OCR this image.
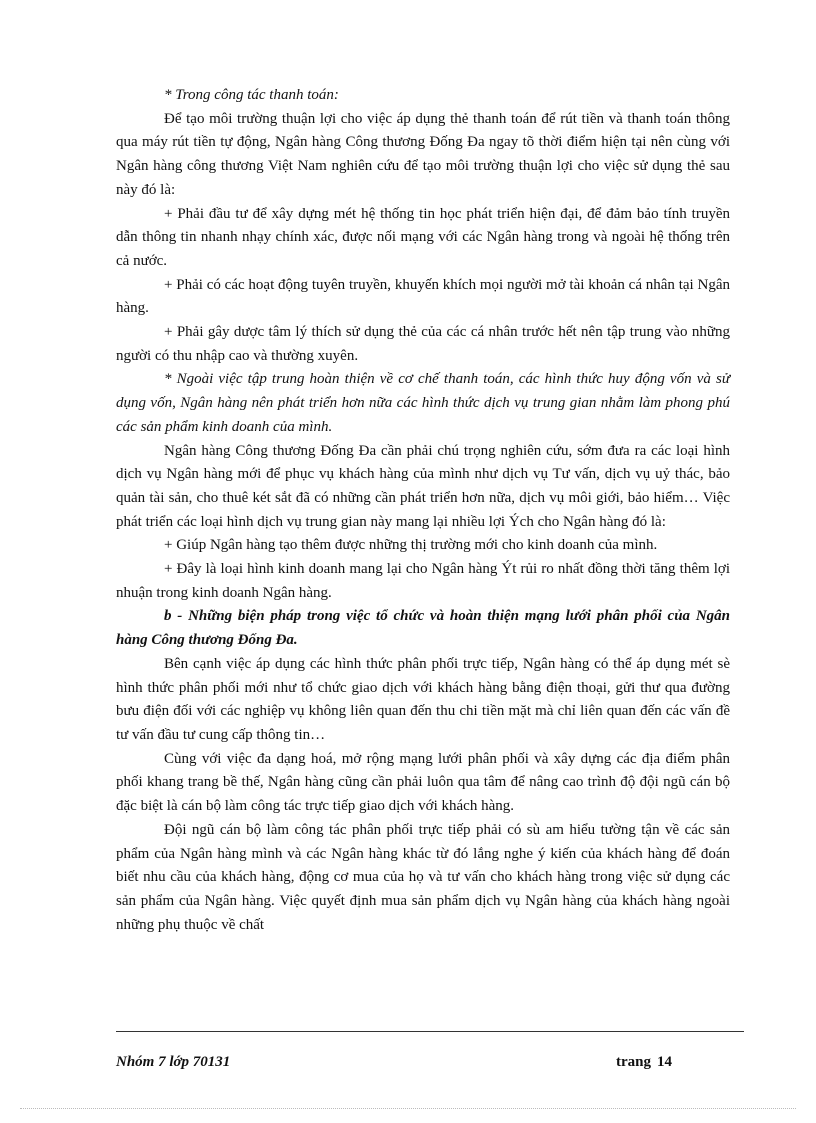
* Trong công tác thanh toán:

Để tạo môi trường thuận lợi cho việc áp dụng thẻ thanh toán để rút tiền và thanh toán thông qua máy rút tiền tự động, Ngân hàng Công thương Đống Đa ngay tõ thời điểm hiện tại nên cùng với Ngân hàng công thương Việt Nam nghiên cứu để tạo môi trường thuận lợi cho việc sử dụng thẻ sau này đó là:

+ Phải đầu tư để xây dựng mét hệ thống tin học phát triển hiện đại, để đảm bảo tính truyền dẫn thông tin nhanh nhạy chính xác, được nối mạng với các Ngân hàng trong và ngoài hệ thống trên cả nước.

+ Phải có các hoạt động tuyên truyền, khuyến khích mọi người mở tài khoản cá nhân tại Ngân hàng.

+ Phải gây dược tâm lý thích sử dụng thẻ của các cá nhân trước hết nên tập trung vào những người có thu nhập cao và thường xuyên.

* Ngoài việc tập trung hoàn thiện về cơ chế thanh toán, các hình thức huy động vốn và sử dụng vốn, Ngân hàng nên phát triển hơn nữa các hình thức dịch vụ trung gian nhằm làm phong phú các sản phẩm kinh doanh của mình.

Ngân hàng Công thương Đống Đa cần phải chú trọng nghiên cứu, sớm đưa ra các loại hình dịch vụ Ngân hàng mới để phục vụ khách hàng của mình như dịch vụ Tư vấn, dịch vụ uỷ thác, bảo quản tài sản, cho thuê két sắt đã có những cần phát triển hơn nữa, dịch vụ môi giới, bảo hiểm… Việc phát triển các loại hình dịch vụ trung gian này mang lại nhiều lợi Ých cho Ngân hàng đó là:

+ Giúp Ngân hàng tạo thêm được những thị trường mới cho kinh doanh của mình.

+ Đây là loại hình kinh doanh mang lại cho Ngân hàng Ýt rủi ro nhất đồng thời tăng thêm lợi nhuận trong kinh doanh Ngân hàng.

b - Những biện pháp trong việc tổ chức và hoàn thiện mạng lưới phân phối của Ngân hàng Công thương Đống Đa.

Bên cạnh việc áp dụng các hình thức phân phối trực tiếp, Ngân hàng có thể áp dụng mét sè hình thức phân phối mới như tổ chức giao dịch với khách hàng bằng điện thoại, gửi thư qua đường bưu điện đối với các nghiệp vụ không liên quan đến thu chi tiền mặt mà chỉ liên quan đến các vấn đề tư vấn đầu tư cung cấp thông tin…

Cùng với việc đa dạng hoá, mở rộng mạng lưới phân phối và xây dựng các địa điểm phân phối khang trang bề thế, Ngân hàng cũng cần phải luôn qua tâm để nâng cao trình độ đội ngũ cán bộ đặc biệt là cán bộ làm công tác trực tiếp giao dịch với khách hàng.

Đội ngũ cán bộ làm công tác phân phối trực tiếp phải có sù am hiểu tường tận về các sản phẩm của Ngân hàng mình và các Ngân hàng khác từ đó lắng nghe ý kiến của khách hàng để đoán biết nhu cầu của khách hàng, động cơ mua của họ và tư vấn cho khách hàng trong việc sử dụng các sản phẩm của Ngân hàng. Việc quyết định mua sản phẩm dịch vụ Ngân hàng của khách hàng ngoài những phụ thuộc về chất

Nhóm 7 lớp 70131	trang 14
